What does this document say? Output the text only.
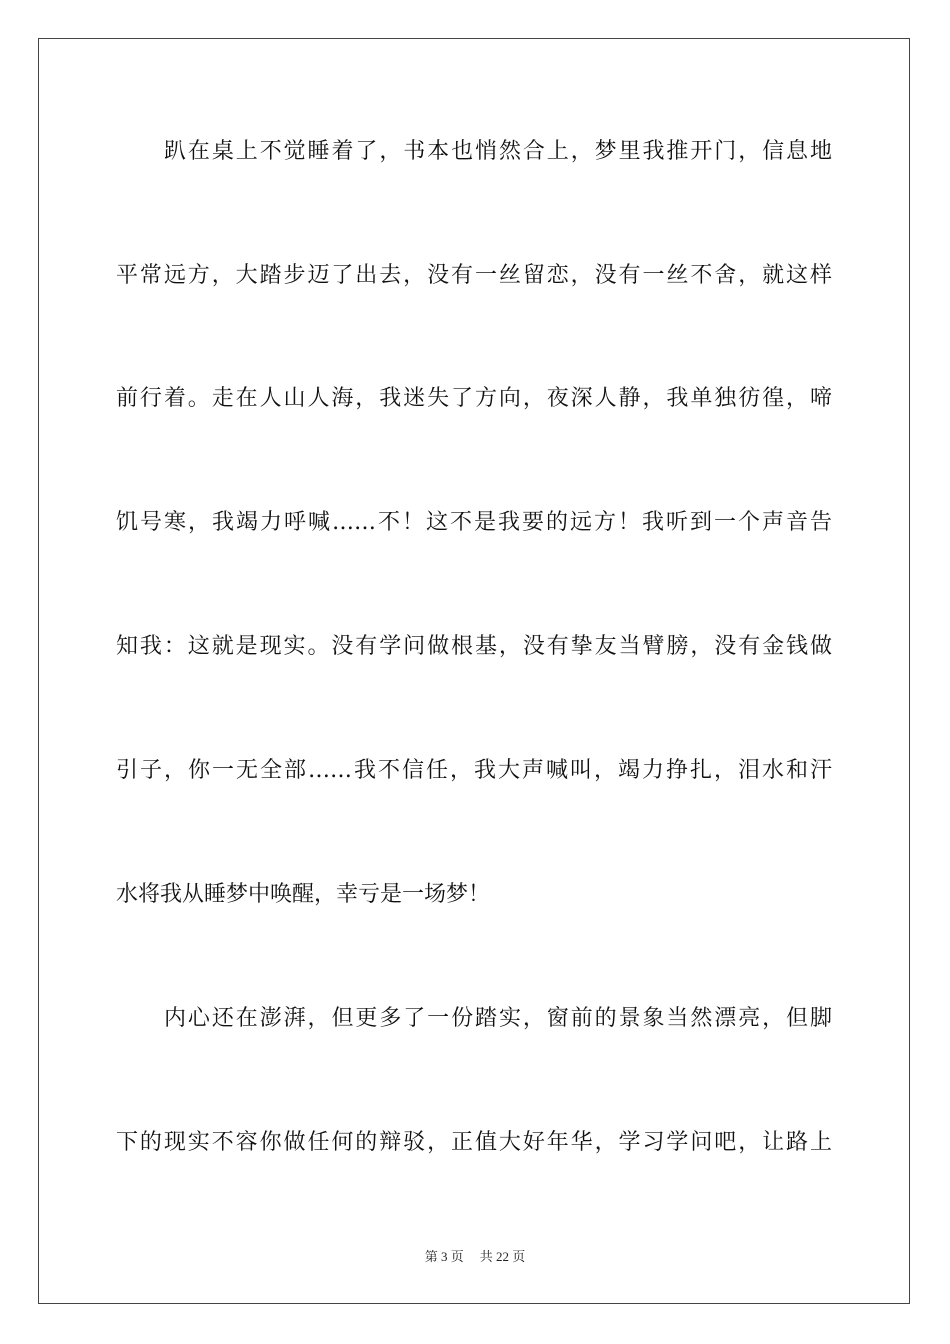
趴在桌上不觉睡着了，书本也悄然合上，梦里我推开门，信息地
平常远方，大踏步迈了出去，没有一丝留恋，没有一丝不舍，就这样
前行着。走在人山人海，我迷失了方向，夜深人静，我单独彷徨，啼
饥号寒，我竭力呼喊……不！这不是我要的远方！我听到一个声音告
知我：这就是现实。没有学问做根基，没有挚友当臂膀，没有金钱做
引子，你一无全部……我不信任，我大声喊叫，竭力挣扎，泪水和汗
水将我从睡梦中唤醒，幸亏是一场梦！
内心还在澎湃，但更多了一份踏实，窗前的景象当然漂亮，但脚
下的现实不容你做任何的辩驳，正值大好年华，学习学问吧，让路上
第 3 页 共 22 页
